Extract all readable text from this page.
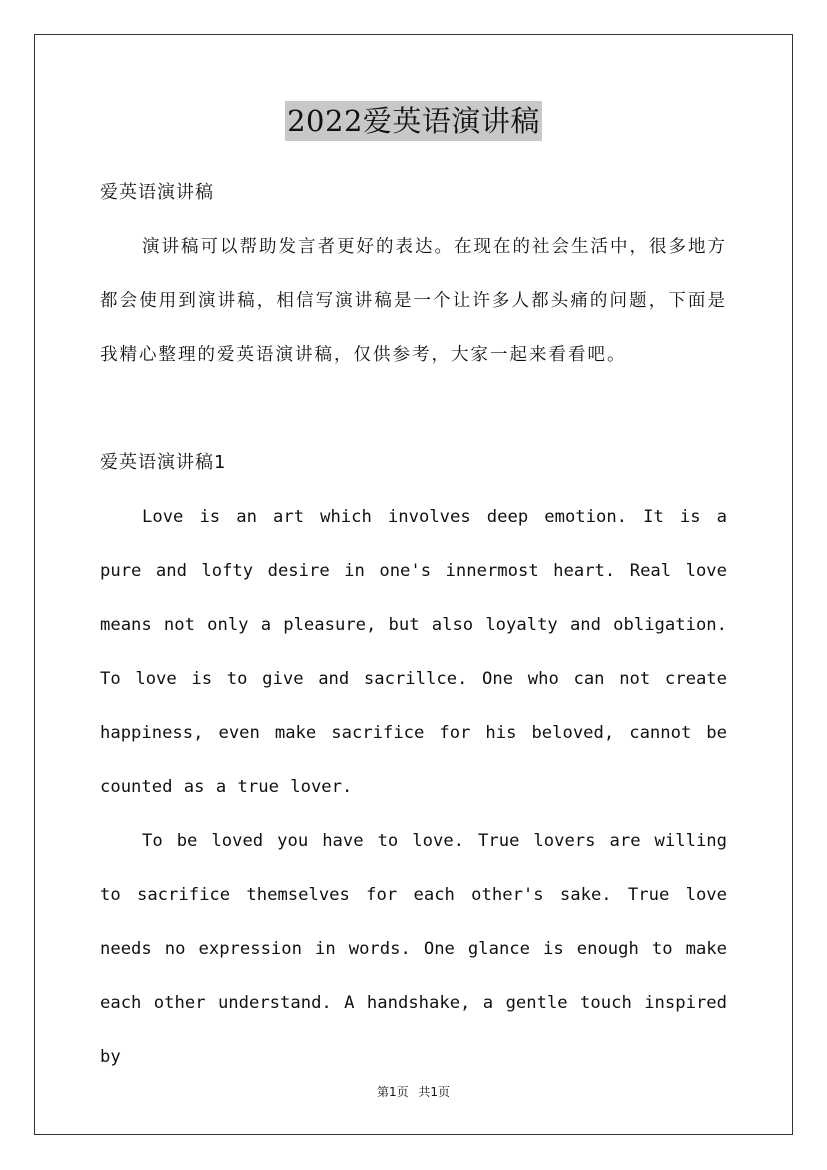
2022爱英语演讲稿

爱英语演讲稿

演讲稿可以帮助发言者更好的表达。在现在的社会生活中，很多地方都会使用到演讲稿，相信写演讲稿是一个让许多人都头痛的问题，下面是我精心整理的爱英语演讲稿，仅供参考，大家一起来看看吧。

爱英语演讲稿1

Love is an art which involves deep emotion. It is a pure and lofty desire in one's innermost heart. Real love means not only a pleasure, but also loyalty and obligation. To love is to give and sacrillce. One who can not create happiness, even make sacrifice for his beloved, cannot be counted as a true lover.

To be loved you have to love. True lovers are willing to sacrifice themselves for each other's sake. True love needs no expression in words. One glance is enough to make each other understand. A handshake, a gentle touch inspired by

第1页 共1页
